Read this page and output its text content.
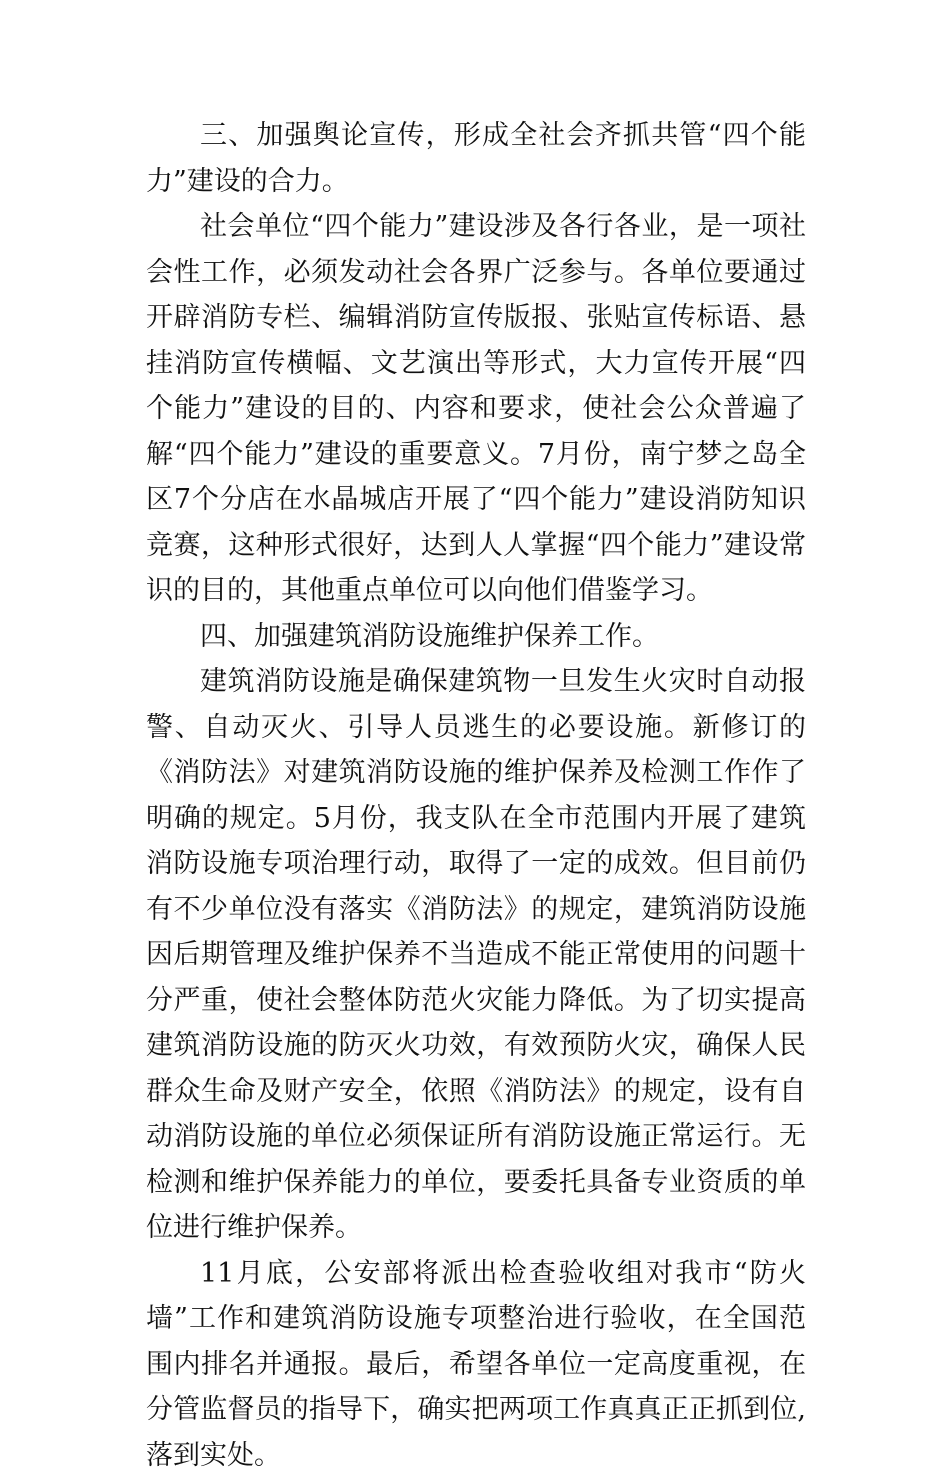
三、加强舆论宣传，形成全社会齐抓共管“四个能力”建设的合力。

社会单位“四个能力”建设涉及各行各业，是一项社会性工作，必须发动社会各界广泛参与。各单位要通过开辟消防专栏、编辑消防宣传版报、张贴宣传标语、悬挂消防宣传横幅、文艺演出等形式，大力宣传开展“四个能力”建设的目的、内容和要求，使社会公众普遍了解“四个能力”建设的重要意义。7月份，南宁梦之岛全区7个分店在水晶城店开展了“四个能力”建设消防知识竞赛，这种形式很好，达到人人掌握“四个能力”建设常识的目的，其他重点单位可以向他们借鉴学习。

四、加强建筑消防设施维护保养工作。

建筑消防设施是确保建筑物一旦发生火灾时自动报警、自动灭火、引导人员逃生的必要设施。新修订的《消防法》对建筑消防设施的维护保养及检测工作作了明确的规定。5月份，我支队在全市范围内开展了建筑消防设施专项治理行动，取得了一定的成效。但目前仍有不少单位没有落实《消防法》的规定，建筑消防设施因后期管理及维护保养不当造成不能正常使用的问题十分严重，使社会整体防范火灾能力降低。为了切实提高建筑消防设施的防灭火功效，有效预防火灾，确保人民群众生命及财产安全，依照《消防法》的规定，设有自动消防设施的单位必须保证所有消防设施正常运行。无检测和维护保养能力的单位，要委托具备专业资质的单位进行维护保养。

11月底，公安部将派出检查验收组对我市“防火墙”工作和建筑消防设施专项整治进行验收，在全国范围内排名并通报。最后，希望各单位一定高度重视，在分管监督员的指导下，确实把两项工作真真正正抓到位,落到实处。
